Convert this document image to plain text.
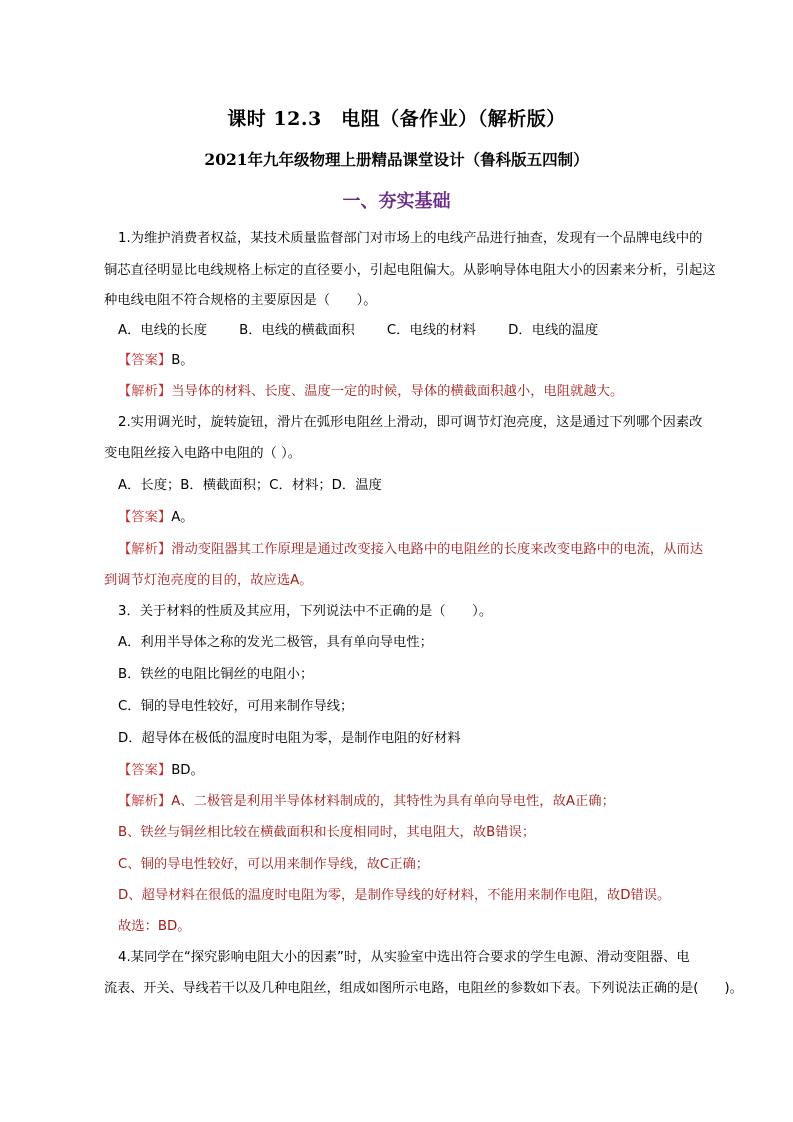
课时 12.3　电阻（备作业）（解析版）
2021年九年级物理上册精品课堂设计（鲁科版五四制）
一、夯实基础
1.为维护消费者权益，某技术质量监督部门对市场上的电线产品进行抽查，发现有一个品牌电线中的
铜芯直径明显比电线规格上标定的直径要小，引起电阻偏大。从影响导体电阻大小的因素来分析，引起这
种电线电阻不符合规格的主要原因是（　　）。
A．电线的长度 B．电线的横截面积 C．电线的材料 D．电线的温度
【答案】B。
【解析】当导体的材料、长度、温度一定的时候，导体的横截面积越小，电阻就越大。
2.实用调光时，旋转旋钮，滑片在弧形电阻丝上滑动，即可调节灯泡亮度，这是通过下列哪个因素改
变电阻丝接入电路中电阻的（ ）。
A．长度；B．横截面积；C．材料；D．温度
【答案】A。
【解析】滑动变阻器其工作原理是通过改变接入电路中的电阻丝的长度来改变电路中的电流，从而达
到调节灯泡亮度的目的，故应选A。
3．关于材料的性质及其应用，下列说法中不正确的是（　　）。
A．利用半导体之称的发光二极管，具有单向导电性；
B．铁丝的电阻比铜丝的电阻小；
C．铜的导电性较好，可用来制作导线；
D．超导体在极低的温度时电阻为零，是制作电阻的好材料
【答案】BD。
【解析】A、二极管是利用半导体材料制成的，其特性为具有单向导电性，故A正确；
B、铁丝与铜丝相比较在横截面积和长度相同时，其电阻大，故B错误；
C、铜的导电性较好，可以用来制作导线，故C正确；
D、超导材料在很低的温度时电阻为零，是制作导线的好材料，不能用来制作电阻，故D错误。
故选：BD。
4.某同学在“探究影响电阻大小的因素”时，从实验室中选出符合要求的学生电源、滑动变阻器、电
流表、开关、导线若干以及几种电阻丝，组成如图所示电路，电阻丝的参数如下表。下列说法正确的是(　　)。
